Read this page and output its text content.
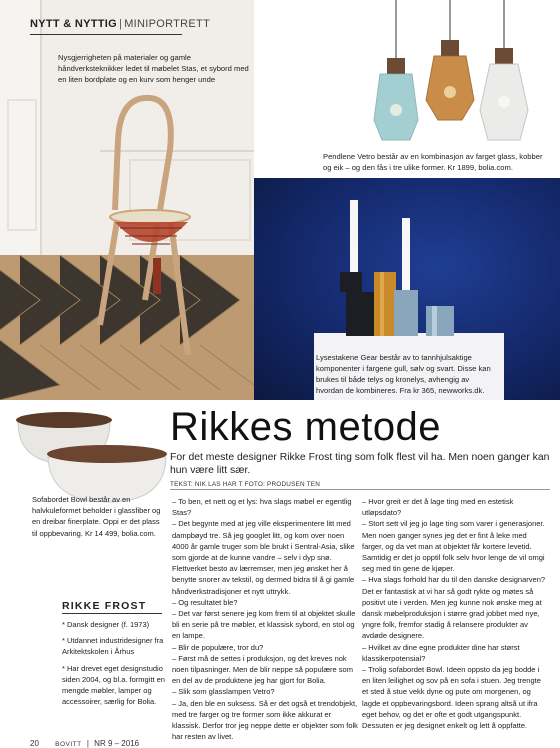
NYTT & NYTTIG | MINIPORTRETT
Nysgjerrigheten på materialer og gamle håndverksteknikker ledet til møbelet Stas, et sybord med en liten bordplate og en kurv som henger unde
Pendlene Vetro består av en kombinasjon av farget glass, kobber og eik – og den fås i tre ulike former. Kr 1899, bolia.com.
Lysestakene Gear består av to tannhjulsaktige komponenter i fargene gull, sølv og svart. Disse kan brukes til både telys og kronelys, avhengig av hvordan de kombineres. Fra kr 365, newworks.dk.
Rikkes metode
For det meste designer Rikke Frost ting som folk flest vil ha. Men noen ganger kan hun være litt sær.
TEKST: NIK LAS HAR T FOTO: PRODUSEN TEN
Sofabordet Bowl består av en halvkuleformet beholder i glassfiber og en dreibar finerplate. Oppi er det plass til oppbevaring. Kr 14 499, bolia.com.
RIKKE FROST

* Dansk designer (f. 1973)

* Utdannet industridesigner fra Arkitektskolen i Århus

* Har drevet eget designstudio siden 2004, og bl.a. formgitt en mengde møbler, lamper og accessoirer, særlig for Bolia.

– To ben, et nett og et lys: hva slags møbel er egentlig Stas?

– Det begynte med at jeg ville eksperimentere litt med dampbøyd tre. Så jeg googlet litt, og kom over noen 4000 år gamle truger som ble brukt i Sentral-Asia, slike som gjorde at de kunne vandre – selv i dyp snø. Flettverket besto av lærremser, men jeg ønsket her å benytte snorer av tekstil, og dermed bidra til å gi gamle håndverkstradisjoner et nytt uttrykk.

– Og resultatet ble?

– Det var først senere jeg kom frem til at objektet skulle bli en serie på tre møbler, et klassisk sybord, en stol og en lampe.

– Blir de populære, tror du?

– Først må de settes i produksjon, og det kreves nok noen tilpasninger. Men de blir neppe så populære som en del av de produktene jeg har gjort for Bolia.

– Slik som glasslampen Vetro?

– Ja, den ble en suksess. Så er det også et trendobjekt, med tre farger og tre former som ikke akkurat er klassisk. Derfor tror jeg neppe dette er objekter som folk har resten av livet.

– Hvor greit er det å lage ting med en estetisk utløpsdato?

– Stort sett vil jeg jo lage ting som varer i generasjoner. Men noen ganger synes jeg det er fint å leke med farger, og da vet man at objektet får kortere levetid. Samtidig er det jo opptil folk selv hvor lenge de vil omgi seg med tin gene de kjøper.

– Hva slags forhold har du til den danske designarven?

Det er fantastisk at vi har så godt rykte og møtes så positivt ute i verden. Men jeg kunne nok ønske meg at dansk møbelproduksjon i større grad jobbet med nye, yngre folk, fremfor stadig å relansere produkter av avdøde designere.

– Hvilket av dine egne produkter dine har størst klassikerpotensial?

– Trolig sofabordet Bowl. Ideen oppsto da jeg bodde i en liten leilighet og sov på en sofa i stuen. Jeg trengte et sted å stue vekk dyne og pute om morgenen, og lagde et oppbevaringsbord. Ideen sprang altså ut ifra eget behov, og det er ofte et godt utgangspunkt. Dessuten er jeg designet enkelt og lett å oppfatte.

20 BOVITT | NR 9 – 2016
